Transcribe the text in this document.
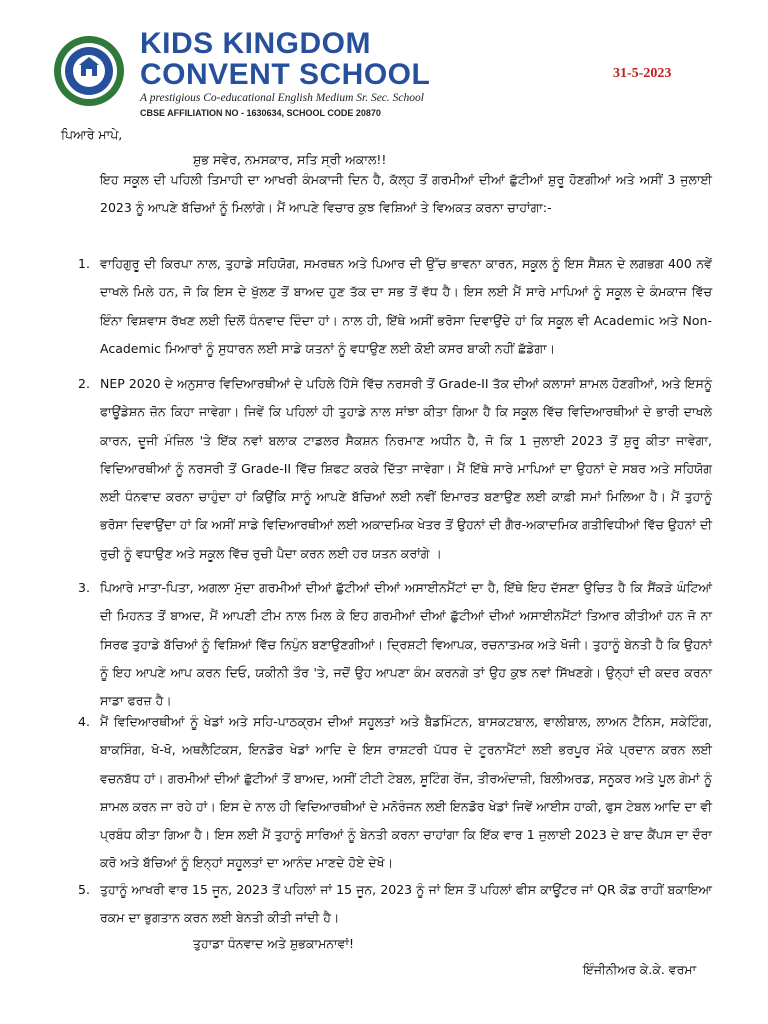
KIDS KINGDOM
CONVENT SCHOOL
A prestigious Co-educational English Medium Sr. Sec. School
CBSE AFFILIATION NO - 1630634, SCHOOL CODE 20870
31-5-2023
ਪਿਆਰੇ ਮਾਪੇ,
ਸ਼ੁਭ ਸਵੇਰ, ਨਮਸਕਾਰ, ਸਤਿ ਸ੍ਰੀ ਅਕਾਲ!!
ਇਹ ਸਕੂਲ ਦੀ ਪਹਿਲੀ ਤਿਮਾਹੀ ਦਾ ਆਖਰੀ ਕੰਮਕਾਜੀ ਦਿਨ ਹੈ, ਕੱਲ੍ਹ ਤੋਂ ਗਰਮੀਆਂ ਦੀਆਂ ਛੁੱਟੀਆਂ ਸ਼ੁਰੂ ਹੋਣਗੀਆਂ ਅਤੇ ਅਸੀਂ 3 ਜੁਲਾਈ 2023 ਨੂੰ ਆਪਣੇ ਬੱਚਿਆਂ ਨੂੰ ਮਿਲਾਂਗੇ। ਮੈਂ ਆਪਣੇ ਵਿਚਾਰ ਕੁਝ ਵਿਸ਼ਿਆਂ ਤੇ ਵਿਅਕਤ ਕਰਨਾ ਚਾਹਾਂਗਾ:-
1. ਵਾਹਿਗੁਰੂ ਦੀ ਕਿਰਪਾ ਨਾਲ, ਤੁਹਾਡੇ ਸਹਿਯੋਗ, ਸਮਰਥਨ ਅਤੇ ਪਿਆਰ ਦੀ ਉੱਚ ਭਾਵਨਾ ਕਾਰਨ, ਸਕੂਲ ਨੂੰ ਇਸ ਸੈਸ਼ਨ ਦੇ ਲਗਭਗ 400 ਨਵੇਂ ਦਾਖਲੇ ਮਿਲੇ ਹਨ, ਜੋ ਕਿ ਇਸ ਦੇ ਖੁੱਲਣ ਤੋਂ ਬਾਅਦ ਹੁਣ ਤੱਕ ਦਾ ਸਭ ਤੋਂ ਵੱਧ ਹੈ। ਇਸ ਲਈ ਮੈਂ ਸਾਰੇ ਮਾਪਿਆਂ ਨੂੰ ਸਕੂਲ ਦੇ ਕੰਮਕਾਜ ਵਿੱਚ ਇੰਨਾ ਵਿਸ਼ਵਾਸ ਰੱਖਣ ਲਈ ਦਿਲੋਂ ਧੰਨਵਾਦ ਦਿੰਦਾ ਹਾਂ। ਨਾਲ ਹੀ, ਇੱਥੇ ਅਸੀਂ ਭਰੋਸਾ ਦਿਵਾਉਂਦੇ ਹਾਂ ਕਿ ਸਕੂਲ ਵੀ Academic ਅਤੇ Non-Academic ਮਿਆਰਾਂ ਨੂੰ ਸੁਧਾਰਨ ਲਈ ਸਾਡੇ ਯਤਨਾਂ ਨੂੰ ਵਧਾਉਣ ਲਈ ਕੋਈ ਕਸਰ ਬਾਕੀ ਨਹੀਂ ਛੱਡੇਗਾ।
2. NEP 2020 ਦੇ ਅਨੁਸਾਰ ਵਿਦਿਆਰਥੀਆਂ ਦੇ ਪਹਿਲੇ ਹਿੱਸੇ ਵਿੱਚ ਨਰਸਰੀ ਤੋਂ Grade-II ਤੱਕ ਦੀਆਂ ਕਲਾਸਾਂ ਸ਼ਾਮਲ ਹੋਣਗੀਆਂ, ਅਤੇ ਇਸਨੂੰ ਫਾਊਂਡੇਸ਼ਨ ਜ਼ੋਨ ਕਿਹਾ ਜਾਵੇਗਾ। ਜਿਵੇਂ ਕਿ ਪਹਿਲਾਂ ਹੀ ਤੁਹਾਡੇ ਨਾਲ ਸਾਂਝਾ ਕੀਤਾ ਗਿਆ ਹੈ ਕਿ ਸਕੂਲ ਵਿੱਚ ਵਿਦਿਆਰਥੀਆਂ ਦੇ ਭਾਰੀ ਦਾਖਲੇ ਕਾਰਨ, ਦੂਜੀ ਮੰਜ਼ਿਲ 'ਤੇ ਇੱਕ ਨਵਾਂ ਬਲਾਕ ਟਾਡਲਰ ਸੈਕਸ਼ਨ ਨਿਰਮਾਣ ਅਧੀਨ ਹੈ, ਜੋ ਕਿ 1 ਜੁਲਾਈ 2023 ਤੋਂ ਸ਼ੁਰੂ ਕੀਤਾ ਜਾਵੇਗਾ, ਵਿਦਿਆਰਥੀਆਂ ਨੂੰ ਨਰਸਰੀ ਤੋਂ Grade-II ਵਿੱਚ ਸ਼ਿਫਟ ਕਰਕੇ ਦਿੱਤਾ ਜਾਵੇਗਾ। ਮੈਂ ਇੱਥੇ ਸਾਰੇ ਮਾਪਿਆਂ ਦਾ ਉਹਨਾਂ ਦੇ ਸਬਰ ਅਤੇ ਸਹਿਯੋਗ ਲਈ ਧੰਨਵਾਦ ਕਰਨਾ ਚਾਹੁੰਦਾ ਹਾਂ ਕਿਉਂਕਿ ਸਾਨੂੰ ਆਪਣੇ ਬੱਚਿਆਂ ਲਈ ਨਵੀਂ ਇਮਾਰਤ ਬਣਾਉਣ ਲਈ ਕਾਫ਼ੀ ਸਮਾਂ ਮਿਲਿਆ ਹੈ। ਮੈਂ ਤੁਹਾਨੂੰ ਭਰੋਸਾ ਦਿਵਾਉਂਦਾ ਹਾਂ ਕਿ ਅਸੀਂ ਸਾਡੇ ਵਿਦਿਆਰਥੀਆਂ ਲਈ ਅਕਾਦਮਿਕ ਖੇਤਰ ਤੋਂ ਉਹਨਾਂ ਦੀ ਗੈਰ-ਅਕਾਦਮਿਕ ਗਤੀਵਿਧੀਆਂ ਵਿੱਚ ਉਹਨਾਂ ਦੀ ਰੁਚੀ ਨੂੰ ਵਧਾਉਣ ਅਤੇ ਸਕੂਲ ਵਿੱਚ ਰੁਚੀ ਪੈਦਾ ਕਰਨ ਲਈ ਹਰ ਯਤਨ ਕਰਾਂਗੇ ।
3. ਪਿਆਰੇ ਮਾਤਾ-ਪਿਤਾ, ਅਗਲਾ ਮੁੱਦਾ ਗਰਮੀਆਂ ਦੀਆਂ ਛੁੱਟੀਆਂ ਦੀਆਂ ਅਸਾਈਨਮੈਂਟਾਂ ਦਾ ਹੈ, ਇੱਥੇ ਇਹ ਦੱਸਣਾ ਉਚਿਤ ਹੈ ਕਿ ਸੈਂਕੜੇ ਘੰਟਿਆਂ ਦੀ ਮਿਹਨਤ ਤੋਂ ਬਾਅਦ, ਮੈਂ ਆਪਣੀ ਟੀਮ ਨਾਲ ਮਿਲ ਕੇ ਇਹ ਗਰਮੀਆਂ ਦੀਆਂ ਛੁੱਟੀਆਂ ਦੀਆਂ ਅਸਾਈਨਮੈਂਟਾਂ ਤਿਆਰ ਕੀਤੀਆਂ ਹਨ ਜੋ ਨਾ ਸਿਰਫ ਤੁਹਾਡੇ ਬੱਚਿਆਂ ਨੂੰ ਵਿਸ਼ਿਆਂ ਵਿੱਚ ਨਿਪੁੰਨ ਬਣਾਉਣਗੀਆਂ। ਦ੍ਰਿਸ਼ਟੀ ਵਿਆਪਕ, ਰਚਨਾਤਮਕ ਅਤੇ ਖੋਜੀ। ਤੁਹਾਨੂੰ ਬੇਨਤੀ ਹੈ ਕਿ ਉਹਨਾਂ ਨੂੰ ਇਹ ਆਪਣੇ ਆਪ ਕਰਨ ਦਿਓ, ਯਕੀਨੀ ਤੌਰ 'ਤੇ, ਜਦੋਂ ਉਹ ਆਪਣਾ ਕੰਮ ਕਰਨਗੇ ਤਾਂ ਉਹ ਕੁਝ ਨਵਾਂ ਸਿੱਖਣਗੇ। ਉਨ੍ਹਾਂ ਦੀ ਕਦਰ ਕਰਨਾ ਸਾਡਾ ਫਰਜ਼ ਹੈ।
4. ਮੈਂ ਵਿਦਿਆਰਥੀਆਂ ਨੂੰ ਖੇਡਾਂ ਅਤੇ ਸਹਿ-ਪਾਠਕ੍ਰਮ ਦੀਆਂ ਸਹੂਲਤਾਂ ਅਤੇ ਬੈਡਮਿੰਟਨ, ਬਾਸਕਟਬਾਲ, ਵਾਲੀਬਾਲ, ਲਾਅਨ ਟੈਨਿਸ, ਸਕੇਟਿੰਗ, ਬਾਕਸਿੰਗ, ਖੋ-ਖੋ, ਅਥਲੈਟਿਕਸ, ਇਨਡੋਰ ਖੇਡਾਂ ਆਦਿ ਦੇ ਇਸ ਰਾਸ਼ਟਰੀ ਪੱਧਰ ਦੇ ਟੂਰਨਾਮੈਂਟਾਂ ਲਈ ਭਰਪੂਰ ਮੌਕੇ ਪ੍ਰਦਾਨ ਕਰਨ ਲਈ ਵਚਨਬੱਧ ਹਾਂ। ਗਰਮੀਆਂ ਦੀਆਂ ਛੁੱਟੀਆਂ ਤੋਂ ਬਾਅਦ, ਅਸੀਂ ਟੀਟੀ ਟੇਬਲ, ਸ਼ੂਟਿੰਗ ਰੇਂਜ, ਤੀਰਅੰਦਾਜ਼ੀ, ਬਿਲੀਅਰਡ, ਸਨੂਕਰ ਅਤੇ ਪੂਲ ਗੇਮਾਂ ਨੂੰ ਸ਼ਾਮਲ ਕਰਨ ਜਾ ਰਹੇ ਹਾਂ। ਇਸ ਦੇ ਨਾਲ ਹੀ ਵਿਦਿਆਰਥੀਆਂ ਦੇ ਮਨੋਰੰਜਨ ਲਈ ਇਨਡੋਰ ਖੇਡਾਂ ਜਿਵੇਂ ਆਈਸ ਹਾਕੀ, ਫੁਸ ਟੇਬਲ ਆਦਿ ਦਾ ਵੀ ਪ੍ਰਬੰਧ ਕੀਤਾ ਗਿਆ ਹੈ। ਇਸ ਲਈ ਮੈਂ ਤੁਹਾਨੂੰ ਸਾਰਿਆਂ ਨੂੰ ਬੇਨਤੀ ਕਰਨਾ ਚਾਹਾਂਗਾ ਕਿ ਇੱਕ ਵਾਰ 1 ਜੁਲਾਈ 2023 ਦੇ ਬਾਦ ਕੈਂਪਸ ਦਾ ਦੌਰਾ ਕਰੋ ਅਤੇ ਬੱਚਿਆਂ ਨੂੰ ਇਨ੍ਹਾਂ ਸਹੂਲਤਾਂ ਦਾ ਆਨੰਦ ਮਾਣਦੇ ਹੋਏ ਦੇਖੋ।
5. ਤੁਹਾਨੂੰ ਆਖਰੀ ਵਾਰ 15 ਜੂਨ, 2023 ਤੋਂ ਪਹਿਲਾਂ ਜਾਂ 15 ਜੂਨ, 2023 ਨੂੰ ਜਾਂ ਇਸ ਤੋਂ ਪਹਿਲਾਂ ਫੀਸ ਕਾਊਂਟਰ ਜਾਂ QR ਕੋਡ ਰਾਹੀਂ ਬਕਾਇਆ ਰਕਮ ਦਾ ਭੁਗਤਾਨ ਕਰਨ ਲਈ ਬੇਨਤੀ ਕੀਤੀ ਜਾਂਦੀ ਹੈ।
ਤੁਹਾਡਾ ਧੰਨਵਾਦ ਅਤੇ ਸ਼ੁਭਕਾਮਨਾਵਾਂ!
ਇੰਜੀਨੀਅਰ ਕੇ.ਕੇ. ਵਰਮਾ
